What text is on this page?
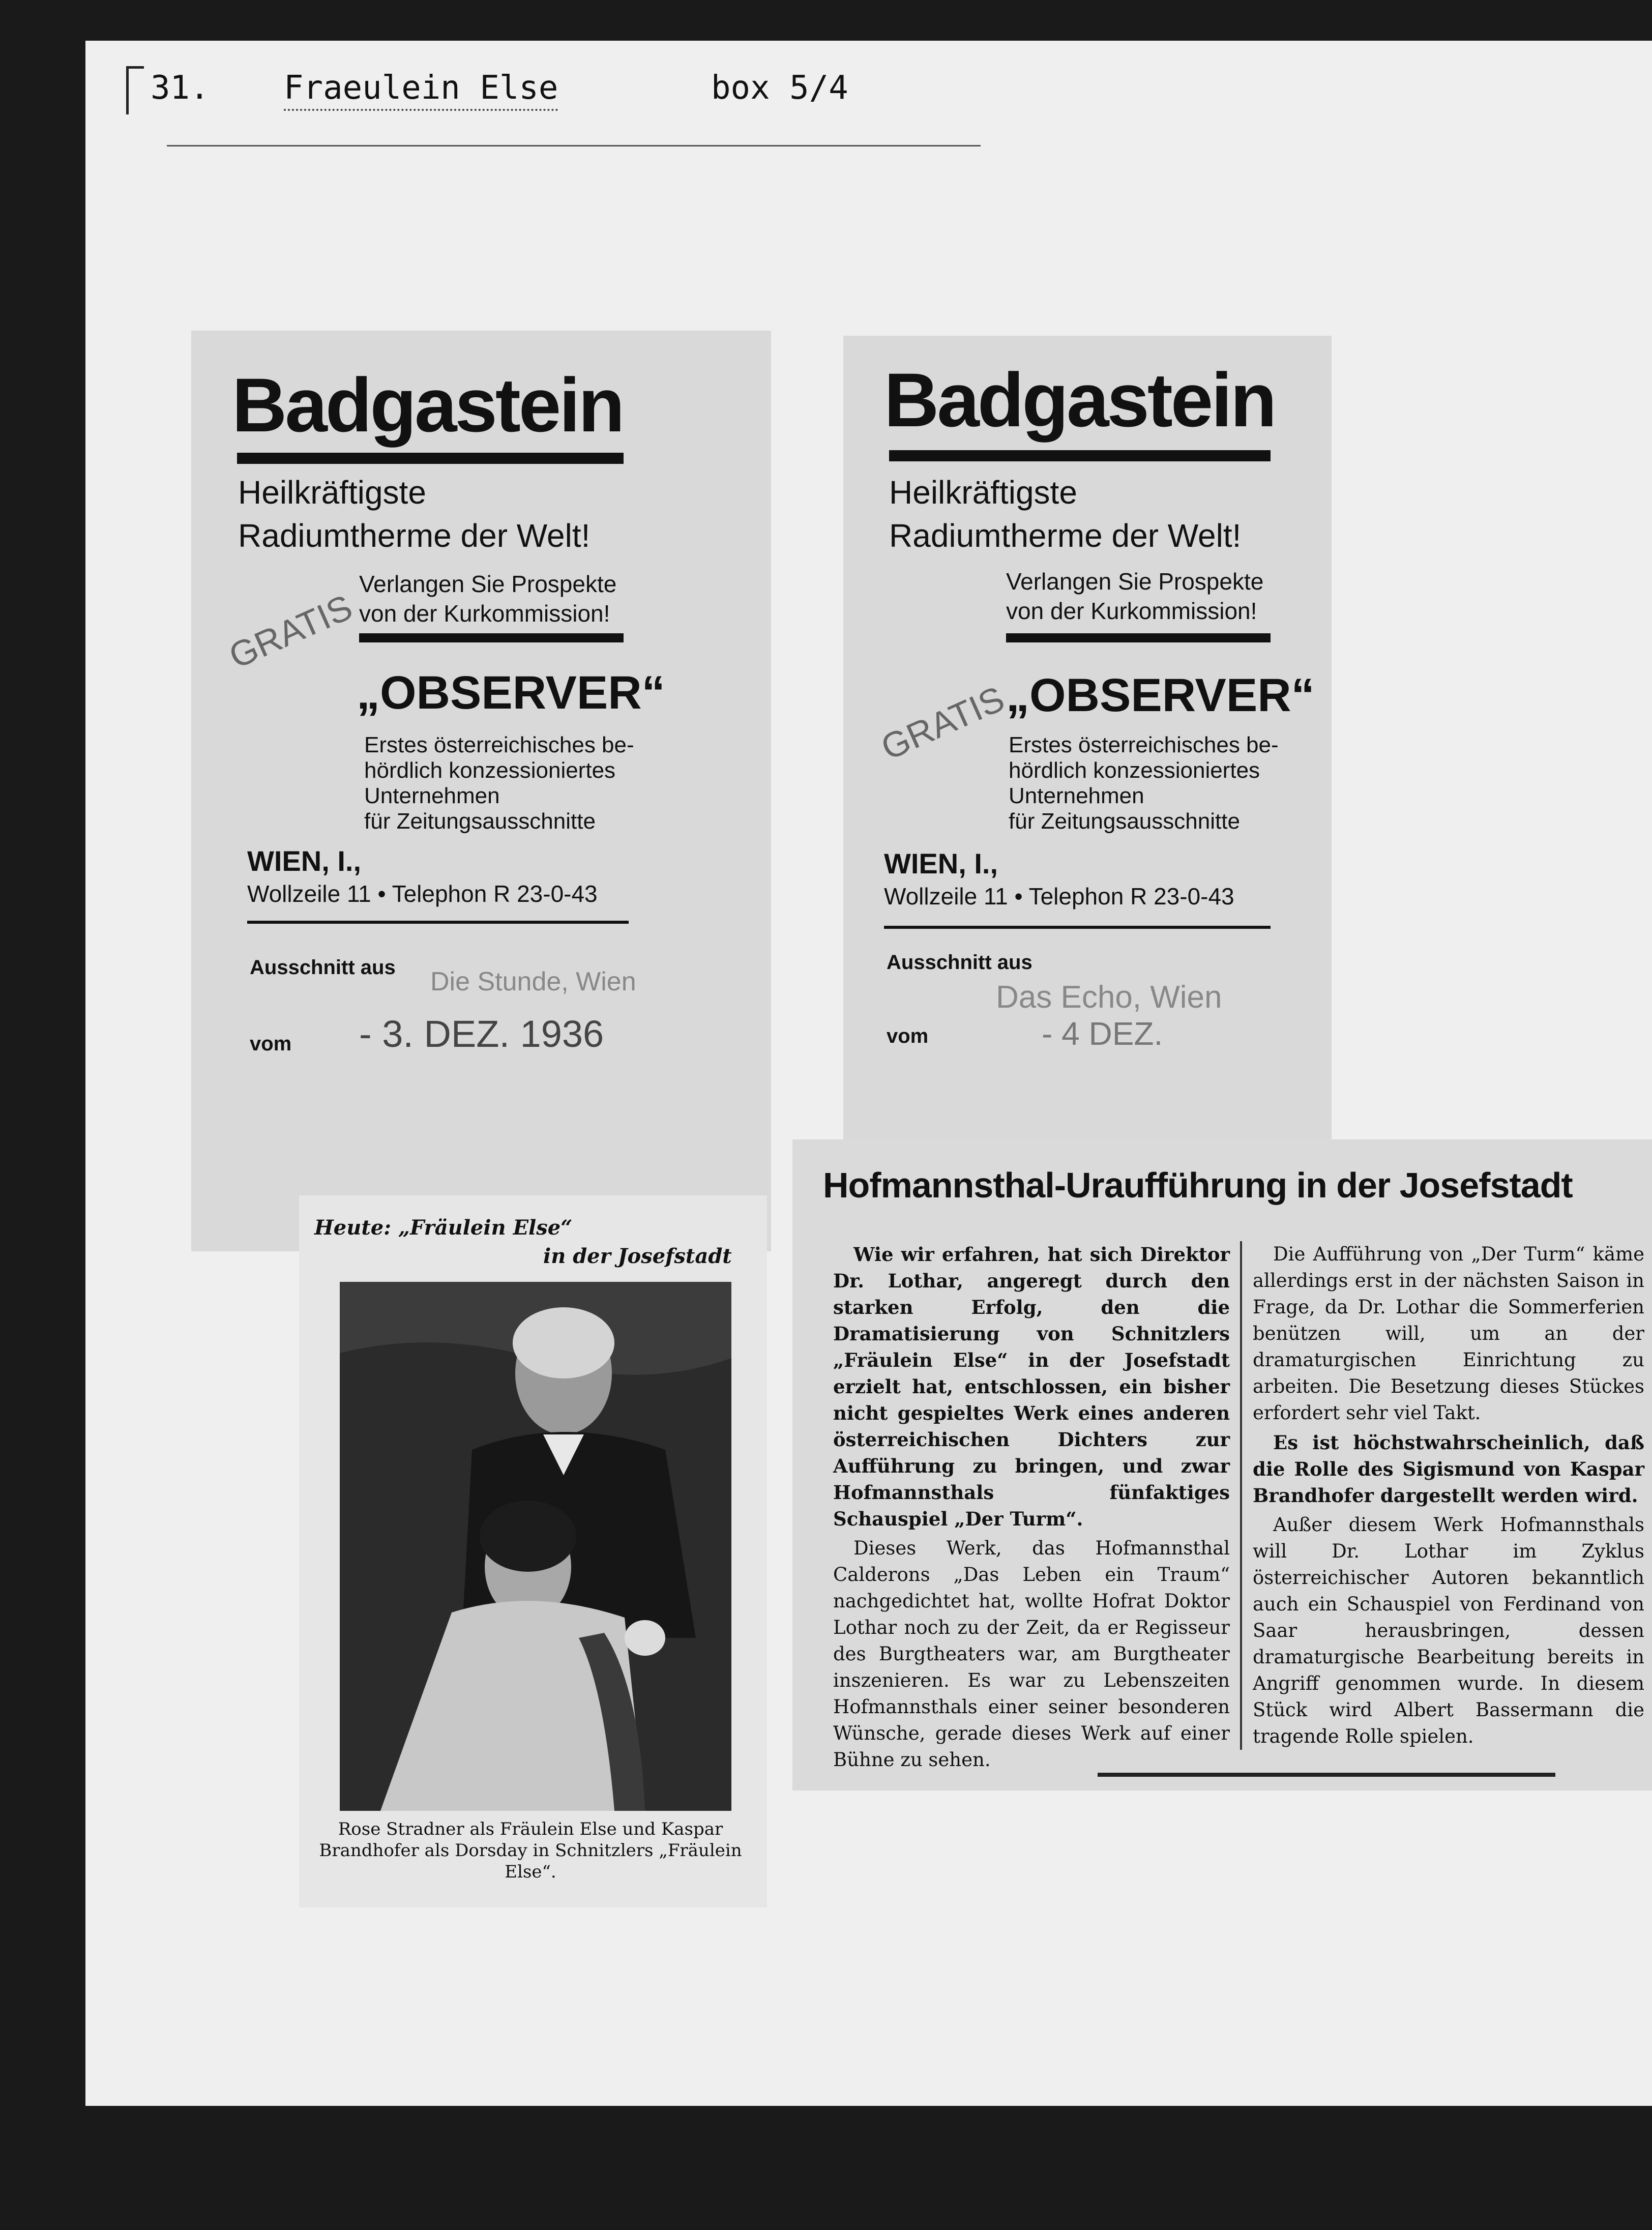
31. Fraeulein Else	box 5/4
Badgastein
Heilkräftigste
Radiumtherme der Welt!
Verlangen Sie Prospekte
von der Kurkommission!
GRATIS
„OBSERVER“
Erstes österreichisches be-
hördlich konzessioniertes
Unternehmen
für Zeitungsausschnitte
WIEN, I.,
Wollzeile 11 • Telephon R 23-0-43
Ausschnitt aus Die Stunde, Wien
vom - 3. DEZ. 1936
Badgastein
Heilkräftigste
Radiumtherme der Welt!
Verlangen Sie Prospekte
von der Kurkommission!
GRATIS
„OBSERVER“
Erstes österreichisches be-
hördlich konzessioniertes
Unternehmen
für Zeitungsausschnitte
WIEN, I.,
Wollzeile 11 • Telephon R 23-0-43
Ausschnitt aus
Das Echo, Wien
vom	- 4 DEZ.
Heute: „Fräulein Else“
in der Josefstadt
Rose Stradner als Fräulein Else und Kaspar Brandhofer als Dorsday in Schnitzlers „Fräulein Else“.
Hofmannsthal-Uraufführung in der Josefstadt

Wie wir erfahren, hat sich Direktor Dr. Lothar, angeregt durch den starken Erfolg, den die Dramatisierung von Schnitzlers „Fräulein Else“ in der Josefstadt erzielt hat, entschlossen, ein bisher nicht gespieltes Werk eines anderen österreichischen Dichters zur Aufführung zu bringen, und zwar Hofmannsthals fünfaktiges Schauspiel „Der Turm“.

Dieses Werk, das Hofmannsthal Calderons „Das Leben ein Traum“ nachgedichtet hat, wollte Hofrat Doktor Lothar noch zu der Zeit, da er Regisseur des Burgtheaters war, am Burgtheater inszenieren. Es war zu Lebenszeiten Hofmannsthals einer seiner besonderen Wünsche, gerade dieses Werk auf einer Bühne zu sehen.

Die Aufführung von „Der Turm“ käme allerdings erst in der nächsten Saison in Frage, da Dr. Lothar die Sommerferien benützen will, um an der dramaturgischen Einrichtung zu arbeiten. Die Besetzung dieses Stückes erfordert sehr viel Takt.

Es ist höchstwahrscheinlich, daß die Rolle des Sigismund von Kaspar Brandhofer dargestellt werden wird.

Außer diesem Werk Hofmannsthals will Dr. Lothar im Zyklus österreichischer Autoren bekanntlich auch ein Schauspiel von Ferdinand von Saar herausbringen, dessen dramaturgische Bearbeitung bereits in Angriff genommen wurde. In diesem Stück wird Albert Bassermann die tragende Rolle spielen.
